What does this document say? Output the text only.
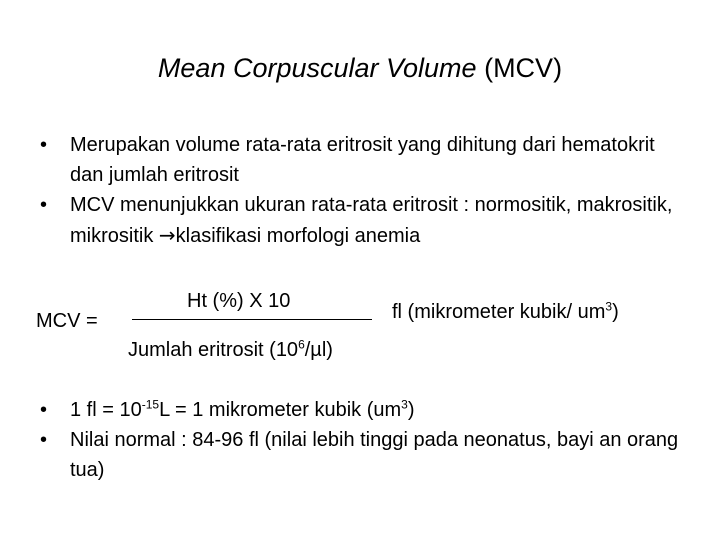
Mean Corpuscular Volume (MCV)
• Merupakan volume rata-rata eritrosit yang dihitung dari hematokrit dan jumlah eritrosit
• MCV menunjukkan ukuran rata-rata eritrosit : normositik, makrositik, mikrositik →klasifikasi morfologi anemia
MCV =
Ht (%) X 10
Jumlah eritrosit $(10^6/\mu l)$
fl (mikrometer kubik/ $um^3$)
• 1 fl = $10^{-15}L = 1$ mikrometer kubik $(um^3)$
• Nilai normal : 84-96 fl (nilai lebih tinggi pada neonatus, bayi an orang tua)
